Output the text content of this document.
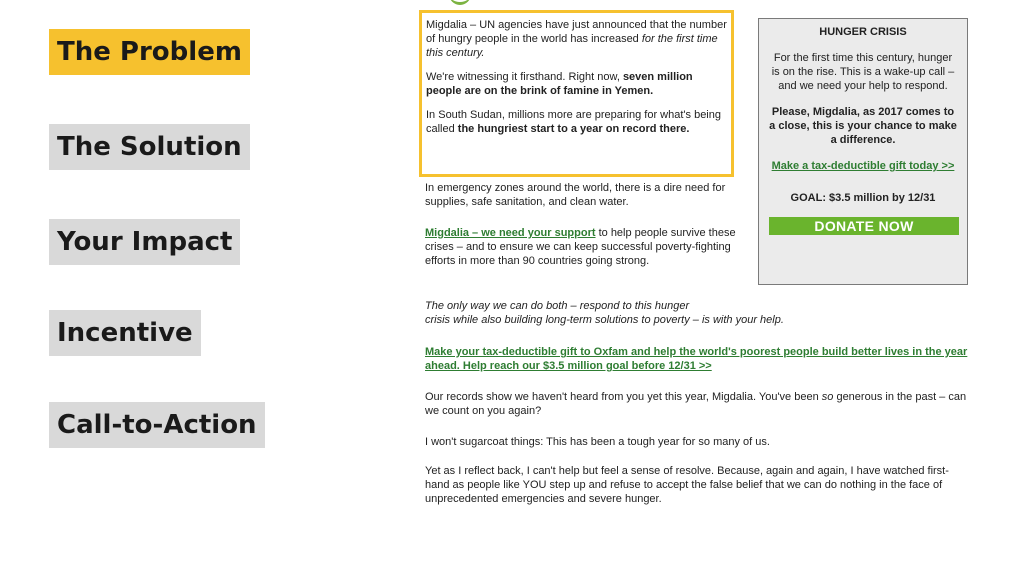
The Problem
The Solution
Your Impact
Incentive
Call-to-Action

Migdalia – UN agencies have just announced that the number of hungry people in the world has increased for the first time this century.

We're witnessing it firsthand. Right now, seven million people are on the brink of famine in Yemen.

In South Sudan, millions more are preparing for what's being called the hungriest start to a year on record there.

In emergency zones around the world, there is a dire need for supplies, safe sanitation, and clean water.
Migdalia – we need your support to help people survive these crises – and to ensure we can keep successful poverty-fighting efforts in more than 90 countries going strong.
The only way we can do both – respond to this hunger
crisis while also building long-term solutions to poverty – is with your help.
Make your tax-deductible gift to Oxfam and help the world's poorest people build better lives in the year ahead. Help reach our $3.5 million goal before 12/31 >>
Our records show we haven't heard from you yet this year, Migdalia. You've been so generous in the past – can we count on you again?
I won't sugarcoat things: This has been a tough year for so many of us.
Yet as I reflect back, I can't help but feel a sense of resolve. Because, again and again, I have watched first-hand as people like YOU step up and refuse to accept the false belief that we can do nothing in the face of unprecedented emergencies and severe hunger.
HUNGER CRISIS
For the first time this century, hunger is on the rise. This is a wake-up call – and we need your help to respond.
Please, Migdalia, as 2017 comes to a close, this is your chance to make a difference.
Make a tax-deductible gift today >>
GOAL: $3.5 million by 12/31
DONATE NOW
